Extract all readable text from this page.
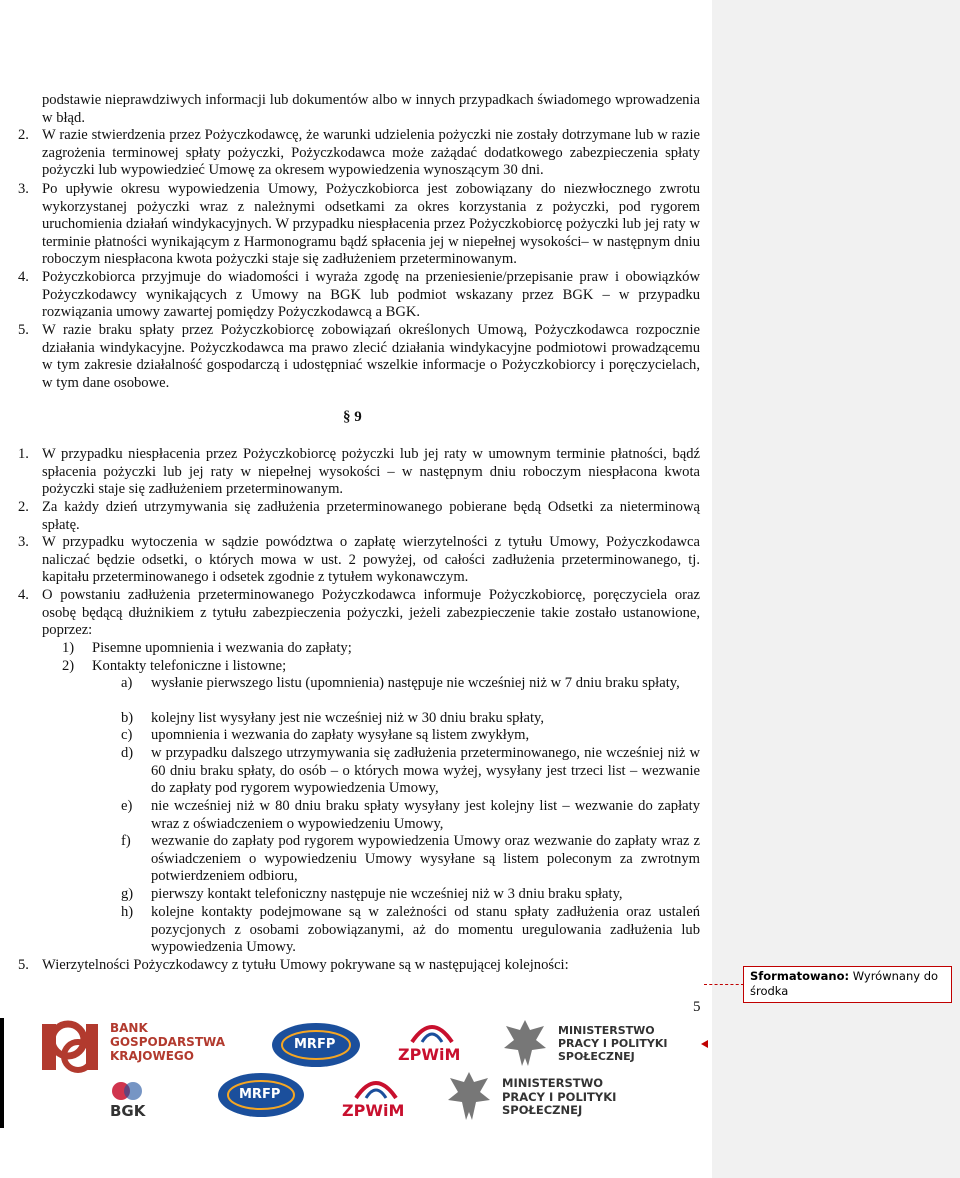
podstawie nieprawdziwych informacji lub dokumentów albo w innych przypadkach świadomego wprowadzenia w błąd.
2. W razie stwierdzenia przez Pożyczkodawcę, że warunki udzielenia pożyczki nie zostały dotrzymane lub w razie zagrożenia terminowej spłaty pożyczki, Pożyczkodawca może zażądać dodatkowego zabezpieczenia spłaty pożyczki lub wypowiedzieć Umowę za okresem wypowiedzenia wynoszącym 30 dni.
3. Po upływie okresu wypowiedzenia Umowy, Pożyczkobiorca jest zobowiązany do niezwłocznego zwrotu wykorzystanej pożyczki wraz z należnymi odsetkami za okres korzystania z pożyczki, pod rygorem uruchomienia działań windykacyjnych. W przypadku niespłacenia przez Pożyczkobiorcę pożyczki lub jej raty w terminie płatności wynikającym z Harmonogramu bądź spłacenia jej w niepełnej wysokości– w następnym dniu roboczym niespłacona kwota pożyczki staje się zadłużeniem przeterminowanym.
4. Pożyczkobiorca przyjmuje do wiadomości i wyraża zgodę na przeniesienie/przepisanie praw i obowiązków Pożyczkodawcy wynikających z Umowy na BGK lub podmiot wskazany przez BGK – w przypadku rozwiązania umowy zawartej pomiędzy Pożyczkodawcą a BGK.
5. W razie braku spłaty przez Pożyczkobiorcę zobowiązań określonych Umową, Pożyczkodawca rozpocznie działania windykacyjne. Pożyczkodawca ma prawo zlecić działania windykacyjne podmiotowi prowadzącemu w tym zakresie działalność gospodarczą i udostępniać wszelkie informacje o Pożyczkobiorcy i poręczycielach, w tym dane osobowe.
§ 9
1. W przypadku niespłacenia przez Pożyczkobiorcę pożyczki lub jej raty w umownym terminie płatności, bądź spłacenia pożyczki lub jej raty w niepełnej wysokości – w następnym dniu roboczym niespłacona kwota pożyczki staje się zadłużeniem przeterminowanym.
2. Za każdy dzień utrzymywania się zadłużenia przeterminowanego pobierane będą Odsetki za nieterminową spłatę.
3. W przypadku wytoczenia w sądzie powództwa o zapłatę wierzytelności z tytułu Umowy, Pożyczkodawca naliczać będzie odsetki, o których mowa w ust. 2 powyżej, od całości zadłużenia przeterminowanego, tj. kapitału przeterminowanego i odsetek zgodnie z tytułem wykonawczym.
4. O powstaniu zadłużenia przeterminowanego Pożyczkodawca informuje Pożyczkobiorcę, poręczyciela oraz osobę będącą dłużnikiem z tytułu zabezpieczenia pożyczki, jeżeli zabezpieczenie takie zostało ustanowione, poprzez:
1) Pisemne upomnienia i wezwania do zapłaty;
2) Kontakty telefoniczne i listowne;
a) wysłanie pierwszego listu (upomnienia) następuje nie wcześniej niż w 7 dniu braku spłaty,
b) kolejny list wysyłany jest nie wcześniej niż w 30 dniu braku spłaty,
c) upomnienia i wezwania do zapłaty wysyłane są listem zwykłym,
d) w przypadku dalszego utrzymywania się zadłużenia przeterminowanego, nie wcześniej niż w 60 dniu braku spłaty, do osób – o których mowa wyżej, wysyłany jest trzeci list – wezwanie do zapłaty pod rygorem wypowiedzenia Umowy,
e) nie wcześniej niż w 80 dniu braku spłaty wysyłany jest kolejny list – wezwanie do zapłaty wraz z oświadczeniem o wypowiedzeniu Umowy,
f) wezwanie do zapłaty pod rygorem wypowiedzenia Umowy oraz wezwanie do zapłaty wraz z oświadczeniem o wypowiedzeniu Umowy wysyłane są listem poleconym za zwrotnym potwierdzeniem odbioru,
g) pierwszy kontakt telefoniczny następuje nie wcześniej niż w 3 dniu braku spłaty,
h) kolejne kontakty podejmowane są w zależności od stanu spłaty zadłużenia oraz ustaleń pozycjonych z osobami zobowiązanymi, aż do momentu uregulowania zadłużenia lub wypowiedzenia Umowy.
5. Wierzytelności Pożyczkodawcy z tytułu Umowy pokrywane są w następującej kolejności:
5
BANK
GOSPODARSTWA
KRAJOWEGO
MRFP
ZPWiM
MINISTERSTWO
PRACY I POLITYKI
SPOŁECZNEJ
BGK
MRFP
ZPWiM
MINISTERSTWO
PRACY I POLITYKI
SPOŁECZNEJ
Sformatowano: Wyrównany do środka
